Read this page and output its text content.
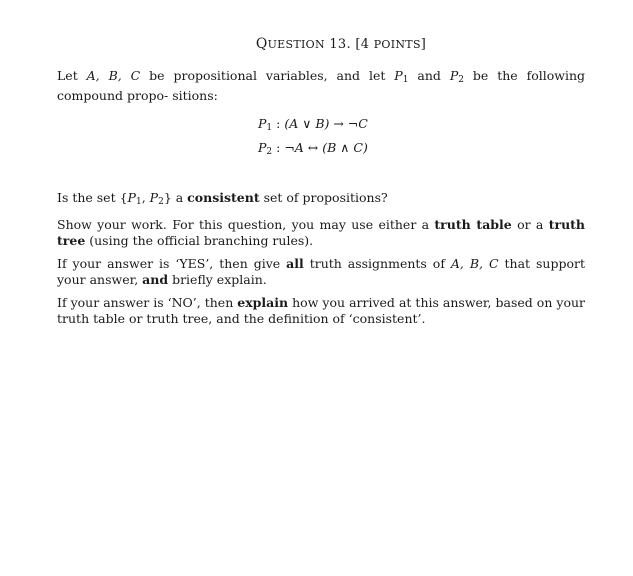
QUESTION 13. [4 POINTS]

Let A, B, C be propositional variables, and let $P_1$ and $P_2$ be the following compound propo- sitions:

$P_1$ : (A ∨ B) → ¬C
$P_2$ : ¬A ↔ (B ∧ C)

Is the set {$P_1$, $P_2$} a consistent set of propositions?

Show your work. For this question, you may use either a truth table or a truth tree (using the official branching rules).

If your answer is ‘YES’, then give all truth assignments of A, B, C that support your answer, and briefly explain.

If your answer is ‘NO’, then explain how you arrived at this answer, based on your truth table or truth tree, and the definition of ‘consistent’.
